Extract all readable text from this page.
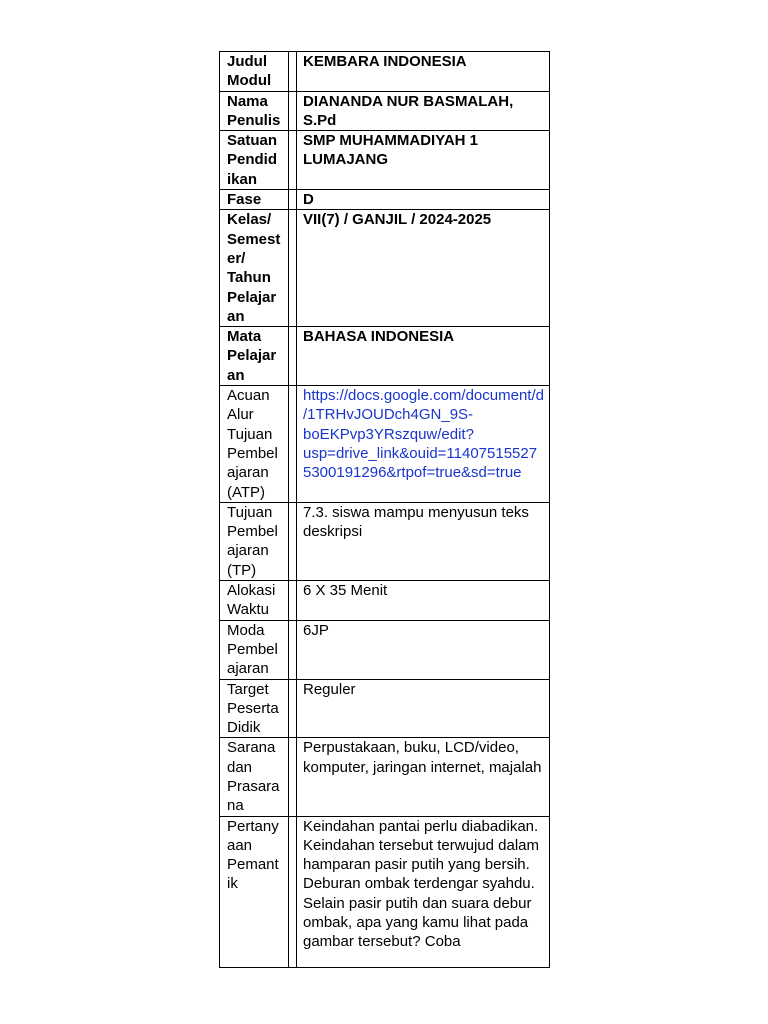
Judul Modul		KEMBARA INDONESIA
Nama Penulis		DIANANDA NUR BASMALAH, S.Pd
Satuan Pendid ikan		SMP MUHAMMADIYAH 1 LUMAJANG
Fase		D
Kelas/ Semest er/ Tahun Pelajar an		VII(7) / GANJIL / 2024-2025
Mata Pelajar an		BAHASA INDONESIA
Acuan Alur Tujuan Pembel ajaran (ATP)		https://docs.google.com/document/d/1TRHvJOUDch4GN_9S-boEKPvp3YRszquw/edit?usp=drive_link&ouid=114075155275300191296&rtpof=true&sd=true
Tujuan Pembel ajaran (TP)		7.3. siswa mampu menyusun teks deskripsi
Alokasi Waktu		6 X 35 Menit
Moda Pembel ajaran		6JP
Target Peserta Didik		Reguler
Sarana dan Prasara na		Perpustakaan, buku, LCD/video, komputer, jaringan internet, majalah
Pertany aan Pemant ik		Keindahan pantai perlu diabadikan. Keindahan tersebut terwujud dalam hamparan pasir putih yang bersih. Deburan ombak terdengar syahdu. Selain pasir putih dan suara debur ombak, apa yang kamu lihat pada gambar tersebut? Coba
